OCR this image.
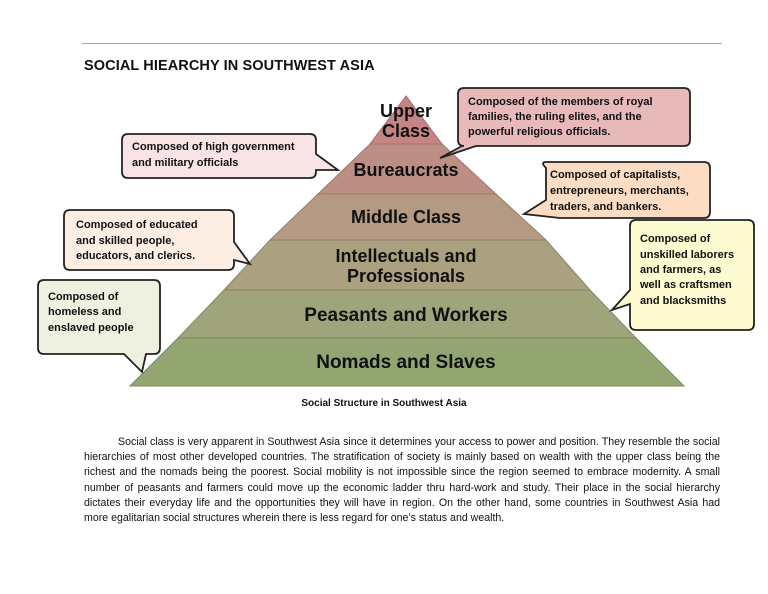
SOCIAL HIEARCHY IN SOUTHWEST ASIA
Upper
Class
Bureaucrats
Middle Class
Intellectuals and
Professionals
Peasants and Workers
Nomads and Slaves
Composed of the members of royal
families, the ruling elites, and the
powerful religious officials.
Composed of high government
and military officials
Composed of capitalists,
entrepreneurs, merchants,
traders, and bankers.
Composed of educated
and skilled people,
educators, and clerics.
Composed of
unskilled laborers
and farmers, as
well as craftsmen
and blacksmiths
Composed of
homeless and
enslaved people
Social Structure in Southwest Asia
Social class is very apparent in Southwest Asia since it determines your access to power and position. They resemble the social hierarchies of most other developed countries. The stratification of society is mainly based on wealth with the upper class being the richest and the nomads being the poorest. Social mobility is not impossible since the region seemed to embrace modernity. A small number of peasants and farmers could move up the economic ladder thru hard-work and study. Their place in the social hierarchy dictates their everyday life and the opportunities they will have in region. On the other hand, some countries in Southwest Asia had more egalitarian social structures wherein there is less regard for one’s status and wealth.
